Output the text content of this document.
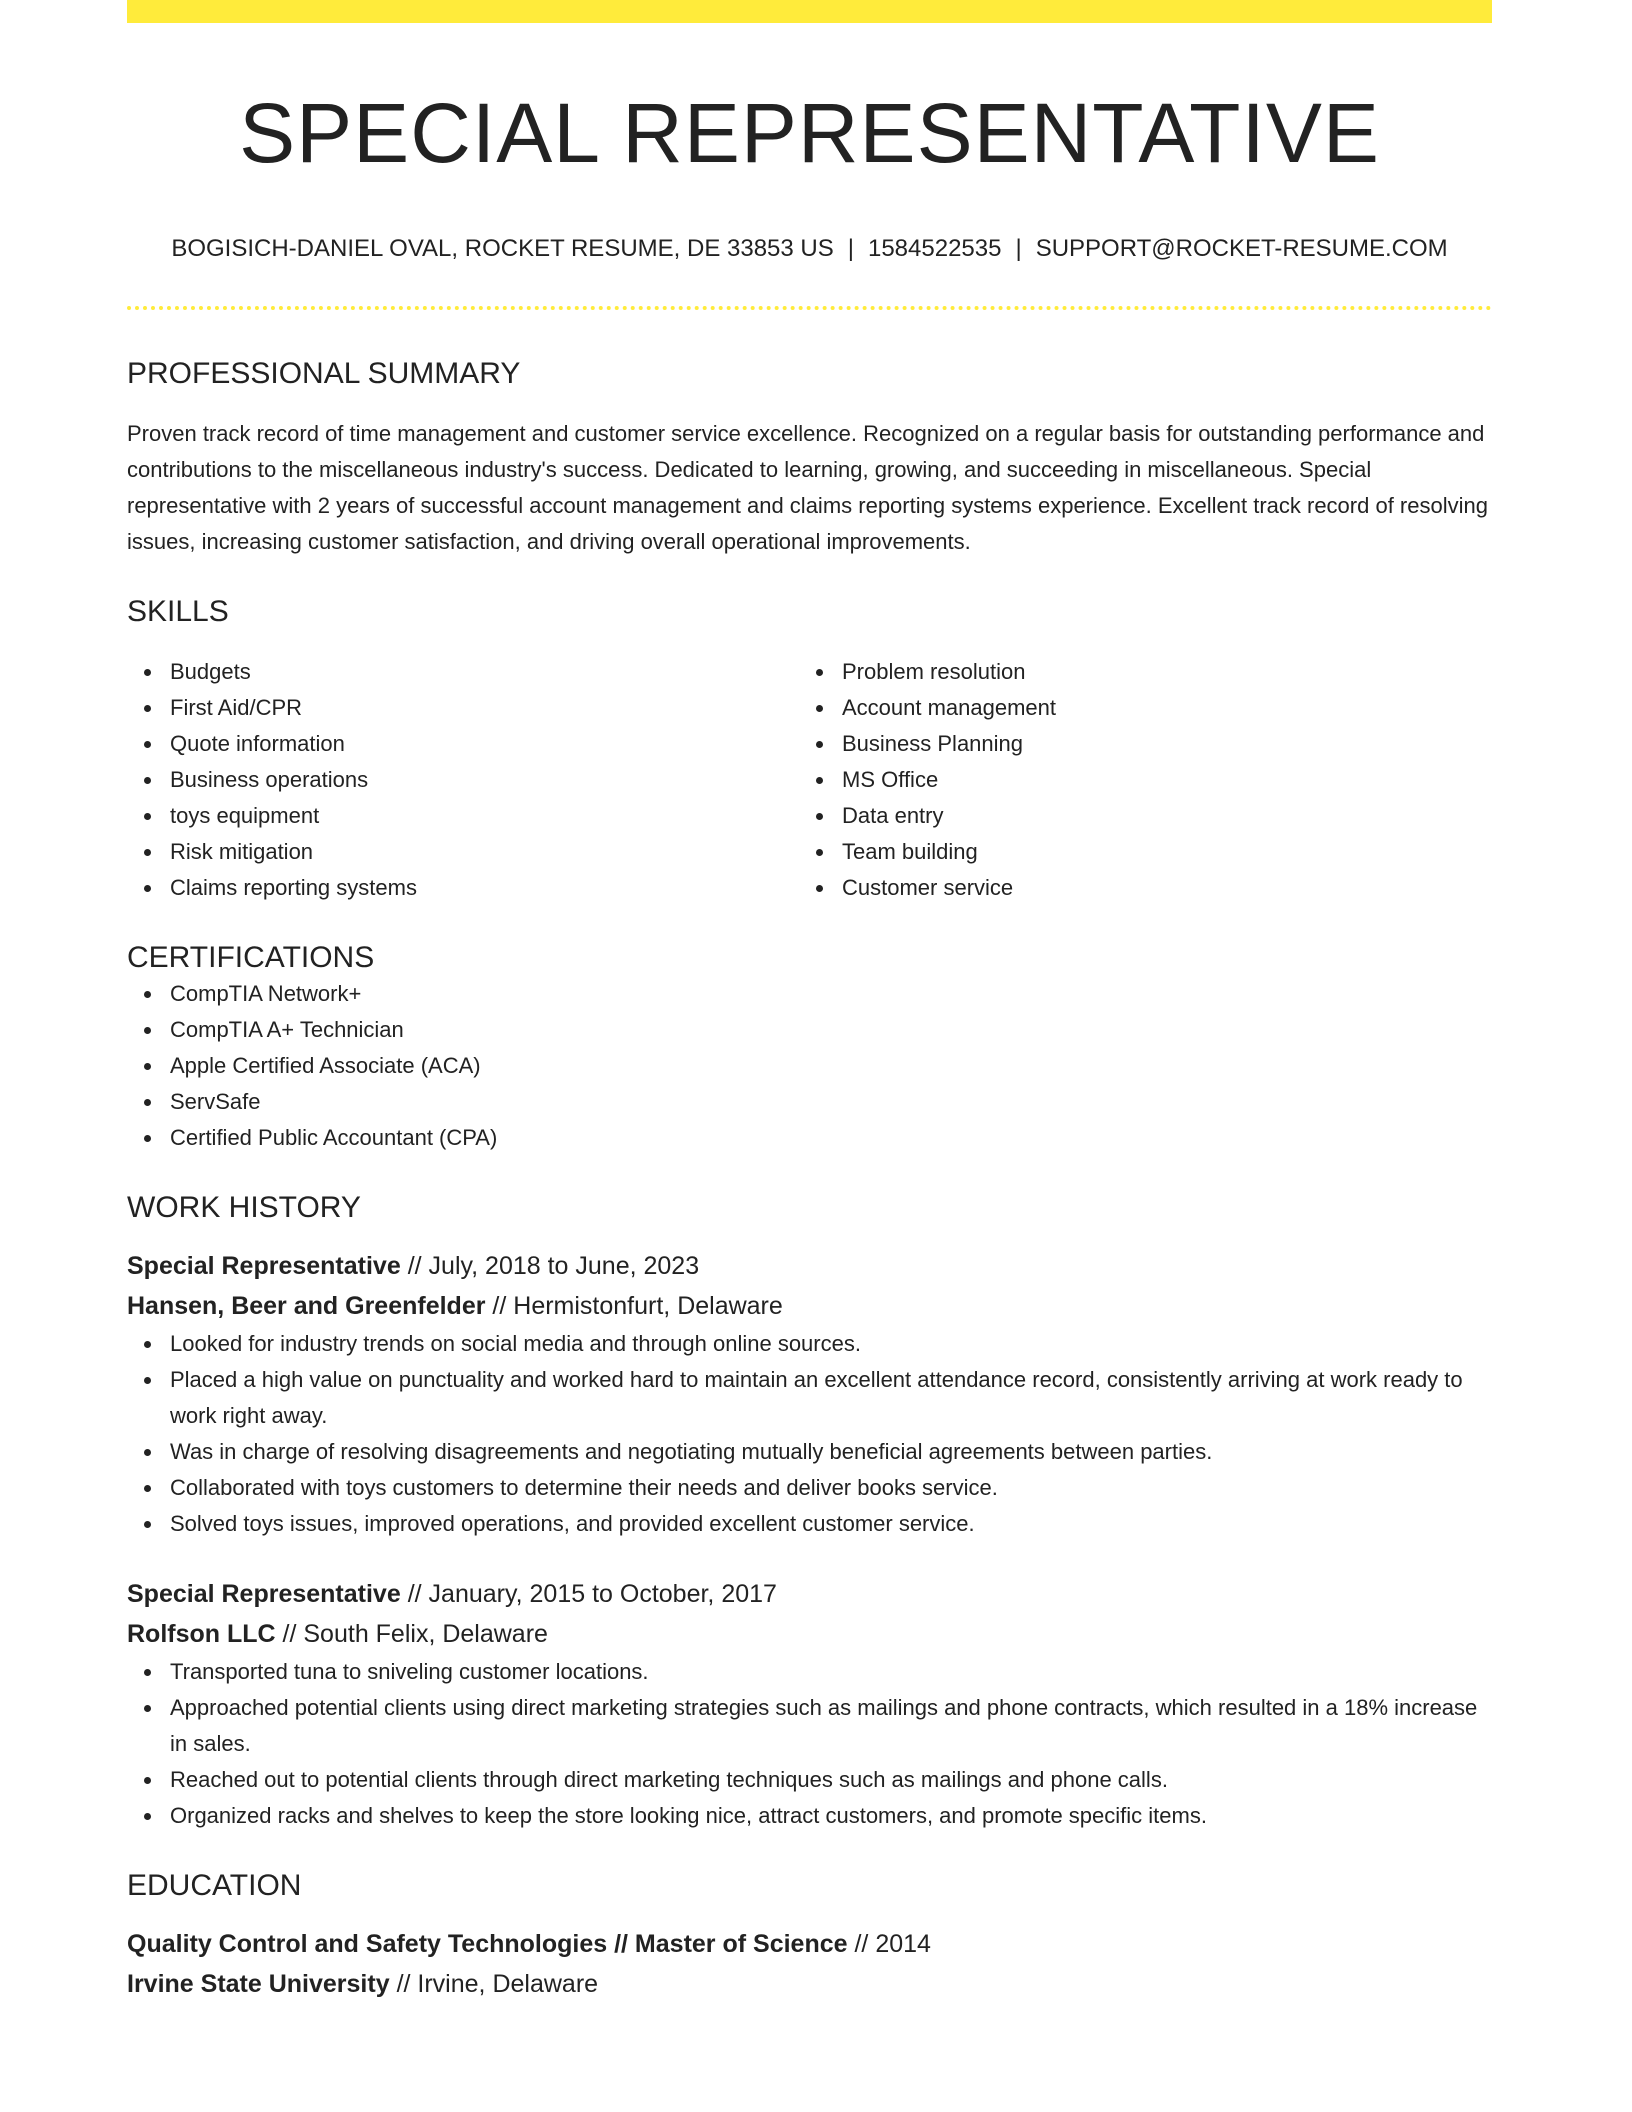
SPECIAL REPRESENTATIVE
BOGISICH-DANIEL OVAL, ROCKET RESUME, DE 33853 US | 1584522535 | SUPPORT@ROCKET-RESUME.COM
PROFESSIONAL SUMMARY

Proven track record of time management and customer service excellence. Recognized on a regular basis for outstanding performance and contributions to the miscellaneous industry's success. Dedicated to learning, growing, and succeeding in miscellaneous. Special representative with 2 years of successful account management and claims reporting systems experience. Excellent track record of resolving issues, increasing customer satisfaction, and driving overall operational improvements.

SKILLS
Budgets
First Aid/CPR
Quote information
Business operations
toys equipment
Risk mitigation
Claims reporting systems
Problem resolution
Account management
Business Planning
MS Office
Data entry
Team building
Customer service
CERTIFICATIONS
CompTIA Network+
CompTIA A+ Technician
Apple Certified Associate (ACA)
ServSafe
Certified Public Accountant (CPA)
WORK HISTORY
Special Representative // July, 2018 to June, 2023
Hansen, Beer and Greenfelder // Hermistonfurt, Delaware
Looked for industry trends on social media and through online sources.
Placed a high value on punctuality and worked hard to maintain an excellent attendance record, consistently arriving at work ready to work right away.
Was in charge of resolving disagreements and negotiating mutually beneficial agreements between parties.
Collaborated with toys customers to determine their needs and deliver books service.
Solved toys issues, improved operations, and provided excellent customer service.
Special Representative // January, 2015 to October, 2017
Rolfson LLC // South Felix, Delaware
Transported tuna to sniveling customer locations.
Approached potential clients using direct marketing strategies such as mailings and phone contracts, which resulted in a 18% increase in sales.
Reached out to potential clients through direct marketing techniques such as mailings and phone calls.
Organized racks and shelves to keep the store looking nice, attract customers, and promote specific items.
EDUCATION
Quality Control and Safety Technologies // Master of Science // 2014
Irvine State University // Irvine, Delaware
